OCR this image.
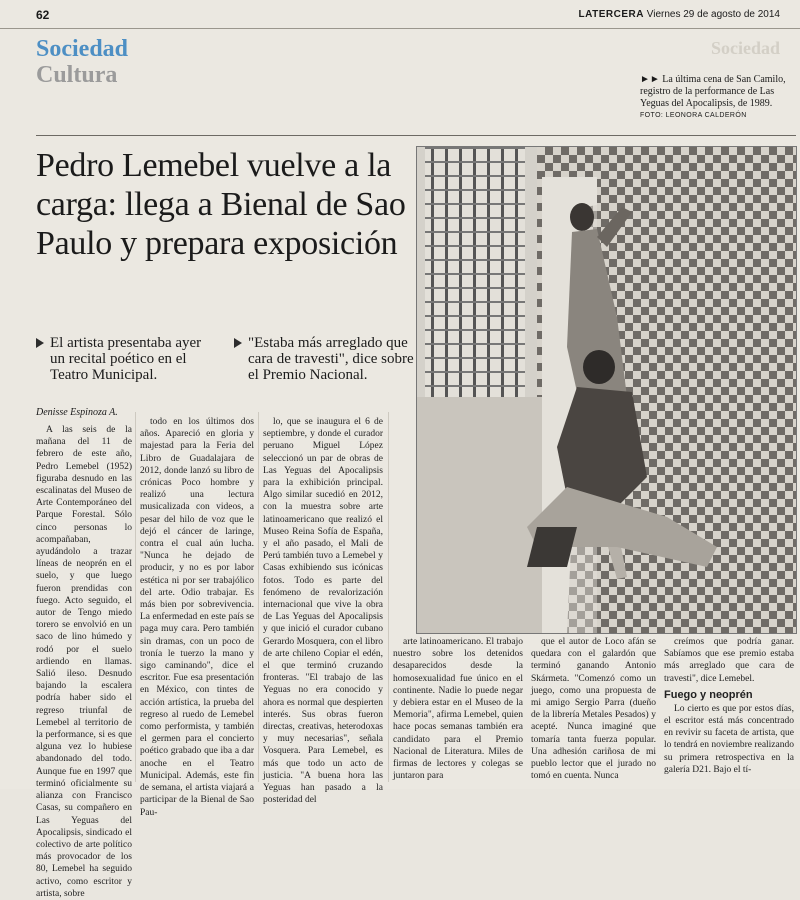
62	LATERCERA Viernes 29 de agosto de 2014
Sociedad
Cultura
Sociedad
►► La última cena de San Camilo, registro de la performance de Las Yeguas del Apocalipsis, de 1989.
FOTO: LEONORA CALDERÓN
Pedro Lemebel vuelve a la carga: llega a Bienal de Sao Paulo y prepara exposición
El artista presentaba ayer un recital poético en el Teatro Municipal.
"Estaba más arreglado que cara de travesti", dice sobre el Premio Nacional.
Denisse Espinoza A.

A las seis de la mañana del 11 de febrero de este año, Pedro Lemebel (1952) figuraba desnudo en las escalinatas del Museo de Arte Contemporáneo del Parque Forestal. Sólo cinco personas lo acompañaban, ayudándolo a trazar líneas de neoprén en el suelo, y que luego fueron prendidas con fuego. Acto seguido, el autor de Tengo miedo torero se envolvió en un saco de lino húmedo y rodó por el suelo ardiendo en llamas. Salió ileso. Desnudo bajando la escalera podría haber sido el regreso triunfal de Lemebel al territorio de la performance, si es que alguna vez lo hubiese abandonado del todo. Aunque fue en 1997 que terminó oficialmente su alianza con Francisco Casas, su compañero en Las Yeguas del Apocalipsis, sindicado el colectivo de arte político más provocador de los 80, Lemebel ha seguido activo, como escritor y artista, sobre

todo en los últimos dos años. Apareció en gloria y majestad para la Feria del Libro de Guadalajara de 2012, donde lanzó su libro de crónicas Poco hombre y realizó una lectura musicalizada con videos, a pesar del hilo de voz que le dejó el cáncer de laringe, contra el cual aún lucha. "Nunca he dejado de producir, y no es por labor estética ni por ser trabajólico del arte. Odio trabajar. Es más bien por sobrevivencia. La enfermedad en este país se paga muy cara. Pero también sin dramas, con un poco de tronía le tuerzo la mano y sigo caminando", dice el escritor. Fue esa presentación en México, con tintes de acción artística, la prueba del regreso al ruedo de Lemebel como performista, y también el germen para el concierto poético grabado que iba a dar anoche en el Teatro Municipal. Además, este fin de semana, el artista viajará a participar de la Bienal de Sao Pau-

lo, que se inaugura el 6 de septiembre, y donde el curador peruano Miguel López seleccionó un par de obras de Las Yeguas del Apocalipsis para la exhibición principal. Algo similar sucedió en 2012, con la muestra sobre arte latinoamericano que realizó el Museo Reina Sofía de España, y el año pasado, el Mali de Perú también tuvo a Lemebel y Casas exhibiendo sus icónicas fotos. Todo es parte del fenómeno de revalorización internacional que vive la obra de Las Yeguas del Apocalipsis y que inició el curador cubano Gerardo Mosquera, con el libro de arte chileno Copiar el edén, el que terminó cruzando fronteras. "El trabajo de las Yeguas no era conocido y ahora es normal que despierten interés. Sus obras fueron directas, creativas, heterodoxas y muy necesarias", señala Vosquera. Para Lemebel, es más que todo un acto de justicia. "A buena hora las Yeguas han pasado a la posteridad del

arte latinoamericano. El trabajo nuestro sobre los detenidos desaparecidos desde la homosexualidad fue único en el continente. Nadie lo puede negar y debiera estar en el Museo de la Memoria", afirma Lemebel, quien hace pocas semanas también era candidato para el Premio Nacional de Literatura. Miles de firmas de lectores y colegas se juntaron para

que el autor de Loco afán se quedara con el galardón que terminó ganando Antonio Skármeta. "Comenzó como un juego, como una propuesta de mi amigo Sergio Parra (dueño de la librería Metales Pesados) y acepté. Nunca imaginé que tomaría tanta fuerza popular. Una adhesión cariñosa de mi pueblo lector que el jurado no tomó en cuenta. Nunca

creímos que podría ganar. Sabíamos que ese premio estaba más arreglado que cara de travesti", dice Lemebel.

Fuego y neoprén

Lo cierto es que por estos días, el escritor está más concentrado en revivir su faceta de artista, que lo tendrá en noviembre realizando su primera retrospectiva en la galería D21. Bajo el tí-
